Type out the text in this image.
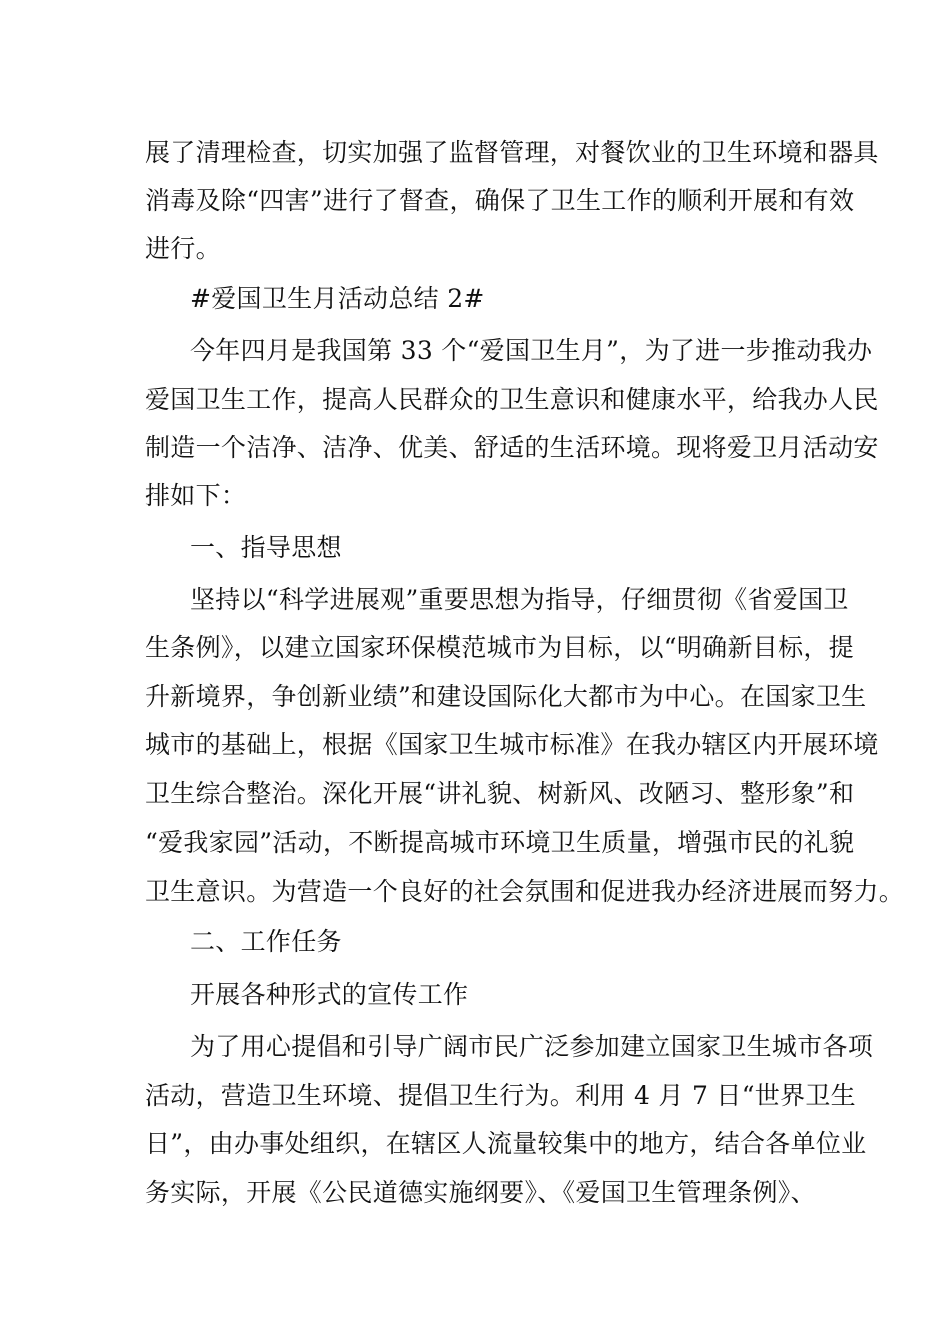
展了清理检查，切实加强了监督管理，对餐饮业的卫生环境和器具
消毒及除“四害”进行了督查，确保了卫生工作的顺利开展和有效
进行。
#爱国卫生月活动总结 2#
今年四月是我国第 33 个“爱国卫生月”，为了进一步推动我办
爱国卫生工作，提高人民群众的卫生意识和健康水平，给我办人民
制造一个洁净、洁净、优美、舒适的生活环境。现将爱卫月活动安
排如下：
一、指导思想
坚持以“科学进展观”重要思想为指导，仔细贯彻《省爱国卫
生条例》，以建立国家环保模范城市为目标，以“明确新目标，提
升新境界，争创新业绩”和建设国际化大都市为中心。在国家卫生
城市的基础上，根据《国家卫生城市标准》在我办辖区内开展环境
卫生综合整治。深化开展“讲礼貌、树新风、改陋习、整形象”和
“爱我家园”活动，不断提高城市环境卫生质量，增强市民的礼貌
卫生意识。为营造一个良好的社会氛围和促进我办经济进展而努力。
二、工作任务
开展各种形式的宣传工作
为了用心提倡和引导广阔市民广泛参加建立国家卫生城市各项
活动，营造卫生环境、提倡卫生行为。利用 4 月 7 日“世界卫生
日”，由办事处组织，在辖区人流量较集中的地方，结合各单位业
务实际，开展《公民道德实施纲要》、《爱国卫生管理条例》、
